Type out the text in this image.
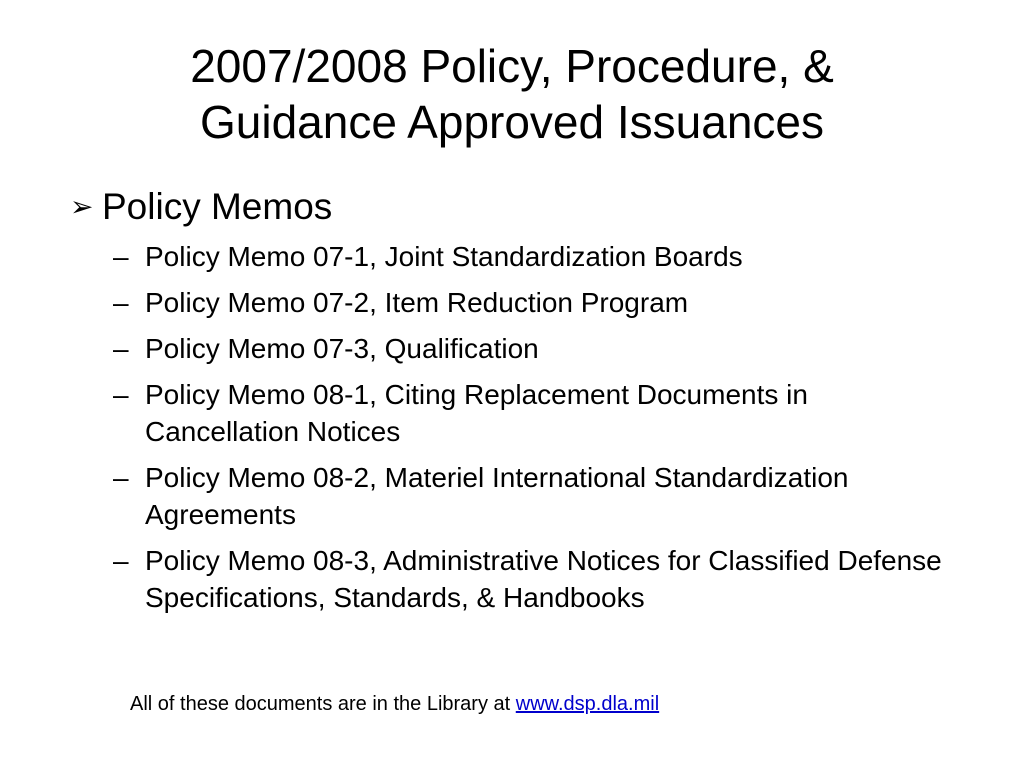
2007/2008 Policy, Procedure, &
Guidance Approved Issuances
➢ Policy Memos
– Policy Memo 07-1, Joint Standardization Boards
– Policy Memo 07-2, Item Reduction Program
– Policy Memo 07-3, Qualification
– Policy Memo 08-1, Citing Replacement Documents in Cancellation Notices
– Policy Memo 08-2, Materiel International Standardization Agreements
– Policy Memo 08-3, Administrative Notices for Classified Defense Specifications, Standards, & Handbooks
All of these documents are in the Library at www.dsp.dla.mil
